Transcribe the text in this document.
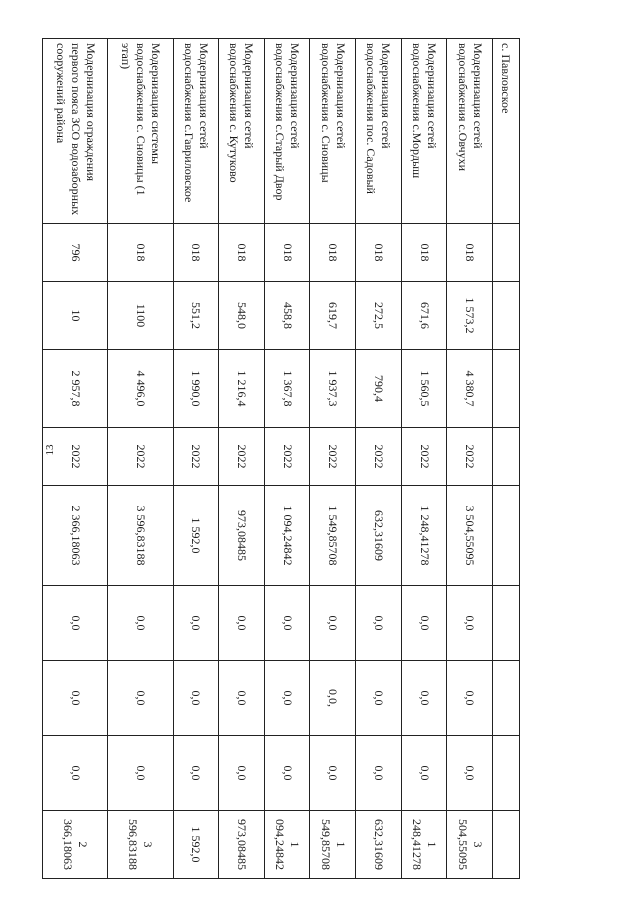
13
с. Павловское									
Модернизация сетей водоснабжения с.Овчухи	018	1 573,2	4 380,7	2022	3 504,55095	0,0	0,0	0,0	3 504,55095
Модернизация сетей водоснабжения с.Мордыш	018	671,6	1 560,5	2022	1 248,41278	0,0	0,0	0,0	1 248,41278
Модернизация сетей водоснабжения пос. Садовый	018	272,5	790,4	2022	632,31609	0,0	0,0	0,0	632,31609
Модернизация сетей водоснабжения с. Сновицы	018	619,7	1 937,3	2022	1 549,85708	0,0	0,0,	0,0	1 549,85708
Модернизация сетей водоснабжения с.Старый Двор	018	458,8	1 367,8	2022	1 094,24842	0,0	0,0	0,0	1 094,24842
Модернизация сетей водоснабжения с. Кутуково	018	548,0	1 216,4	2022	973,08485	0,0	0,0	0,0	973,08485
Модернизация сетей водоснабжения с.Гавриловское	018	551,2	1 990,0	2022	1 592,0	0,0	0,0	0,0	1 592,0
Модернизация системы водоснабжения с. Сновицы (1 этап)	018	1100	4 496,0	2022	3 596,83188	0,0	0,0	0,0	3 596,83188
Модернизация ограждения первого пояса ЗСО водозаборных сооружений района	796	10	2 957,8	2022	2 366,18063	0,0	0,0	0,0	2 366,18063
